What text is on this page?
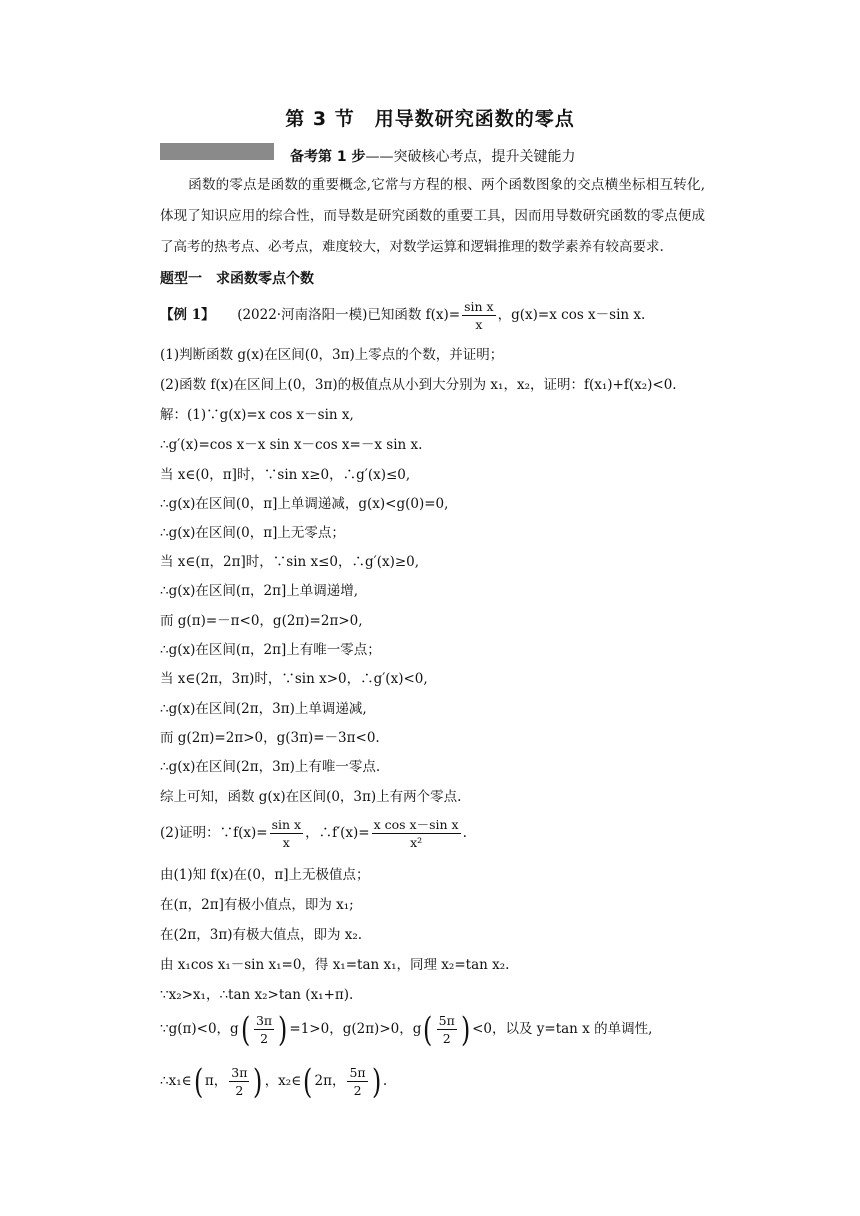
第 3 节　用导数研究函数的零点
备考第 1 步——突破核心考点，提升关键能力
函数的零点是函数的重要概念,它常与方程的根、两个函数图象的交点横坐标相互转化,体现了知识应用的综合性，而导数是研究函数的重要工具，因而用导数研究函数的零点便成了高考的热考点、必考点，难度较大，对数学运算和逻辑推理的数学素养有较高要求.
题型一　求函数零点个数
【例 1】 (2022·河南洛阳一模)已知函数 $f(x)= \frac{\text{sin x}}{x}$ ，g(x)=x cos x－sin x.
(1)判断函数 g(x)在区间(0，3π)上零点的个数，并证明；
(2)函数 f(x)在区间上(0，3π)的极值点从小到大分别为 x₁，x₂，证明：f(x₁)+f(x₂)<0.
解：(1)∵g(x)=x cos x－sin x,
∴g′(x)=cos x－x sin x－cos x=－x sin x.
当 x∈(0，π]时，∵sin x≥0，∴g′(x)≤0,
∴g(x)在区间(0，π]上单调递减，g(x)<g(0)=0,
∴g(x)在区间(0，π]上无零点；
当 x∈(π，2π]时，∵sin x≤0，∴g′(x)≥0,
∴g(x)在区间(π，2π]上单调递增,
而 g(π)=－π<0，g(2π)=2π>0,
∴g(x)在区间(π，2π]上有唯一零点；
当 x∈(2π，3π)时，∵sin x>0，∴g′(x)<0,
∴g(x)在区间(2π，3π)上单调递减,
而 g(2π)=2π>0，g(3π)=－3π<0.
∴g(x)在区间(2π，3π)上有唯一零点.
综上可知，函数 g(x)在区间(0，3π)上有两个零点.
(2)证明：∵f(x)= $\frac{\text{sin x}}{x}$ ，∴f′(x)= $\frac{\text{x cos x－sin x}}{\text{x²}}$ .
由(1)知 f(x)在(0，π]上无极值点；
在(π，2π]有极小值点，即为 x₁;
在(2π，3π)有极大值点，即为 x₂.
由 x₁cos x₁－sin x₁=0，得 x₁=tan x₁，同理 x₂=tan x₂.
∵x₂>x₁，∴tan x₂>tan (x₁+π).
∵g(π)<0，$g( \frac{3\pi}{2}$ ) =1>0，g(2π)>0，$g( \frac{5\pi}{2}$ ) <0，以及 y=tan x 的单调性,
∴x₁∈( π， $\frac{3\pi}{2}$ ) ，x₂∈( 2π， $\frac{5\pi}{2}$ ) .
